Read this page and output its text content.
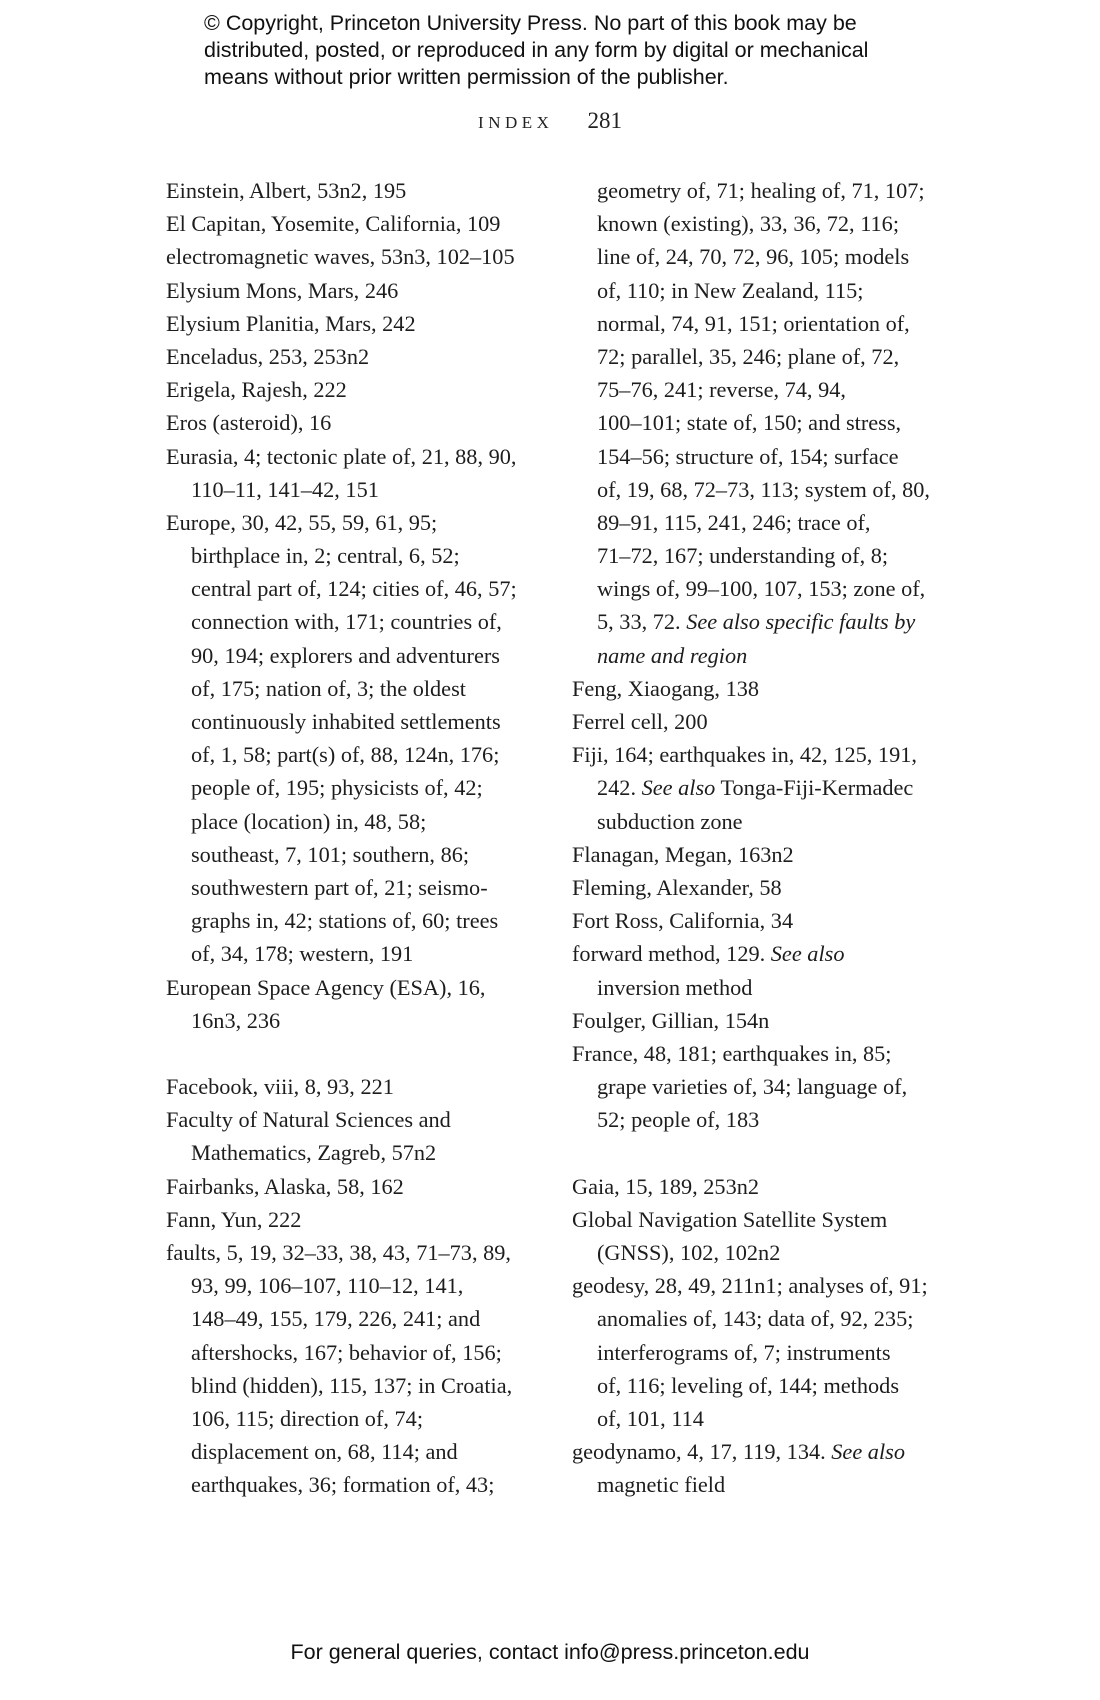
© Copyright, Princeton University Press. No part of this book may be
distributed, posted, or reproduced in any form by digital or mechanical
means without prior written permission of the publisher.
INDEX 281
Einstein, Albert, 53n2, 195
El Capitan, Yosemite, California, 109
electromagnetic waves, 53n3, 102–105
Elysium Mons, Mars, 246
Elysium Planitia, Mars, 242
Enceladus, 253, 253n2
Erigela, Rajesh, 222
Eros (asteroid), 16
Eurasia, 4; tectonic plate of, 21, 88, 90,
110–11, 141–42, 151
Europe, 30, 42, 55, 59, 61, 95;
birthplace in, 2; central, 6, 52;
central part of, 124; cities of, 46, 57;
connection with, 171; countries of,
90, 194; explorers and adventurers
of, 175; nation of, 3; the oldest
continuously inhabited settlements
of, 1, 58; part(s) of, 88, 124n, 176;
people of, 195; physicists of, 42;
place (location) in, 48, 58;
southeast, 7, 101; southern, 86;
southwestern part of, 21; seismo-
graphs in, 42; stations of, 60; trees
of, 34, 178; western, 191
European Space Agency (ESA), 16,
16n3, 236
Facebook, viii, 8, 93, 221
Faculty of Natural Sciences and
Mathematics, Zagreb, 57n2
Fairbanks, Alaska, 58, 162
Fann, Yun, 222
faults, 5, 19, 32–33, 38, 43, 71–73, 89,
93, 99, 106–107, 110–12, 141,
148–49, 155, 179, 226, 241; and
aftershocks, 167; behavior of, 156;
blind (hidden), 115, 137; in Croatia,
106, 115; direction of, 74;
displacement on, 68, 114; and
earthquakes, 36; formation of, 43;
geometry of, 71; healing of, 71, 107;
known (existing), 33, 36, 72, 116;
line of, 24, 70, 72, 96, 105; models
of, 110; in New Zealand, 115;
normal, 74, 91, 151; orientation of,
72; parallel, 35, 246; plane of, 72,
75–76, 241; reverse, 74, 94,
100–101; state of, 150; and stress,
154–56; structure of, 154; surface
of, 19, 68, 72–73, 113; system of, 80,
89–91, 115, 241, 246; trace of,
71–72, 167; understanding of, 8;
wings of, 99–100, 107, 153; zone of,
5, 33, 72. See also specific faults by
name and region
Feng, Xiaogang, 138
Ferrel cell, 200
Fiji, 164; earthquakes in, 42, 125, 191,
242. See also Tonga-Fiji-Kermadec
subduction zone
Flanagan, Megan, 163n2
Fleming, Alexander, 58
Fort Ross, California, 34
forward method, 129. See also
inversion method
Foulger, Gillian, 154n
France, 48, 181; earthquakes in, 85;
grape varieties of, 34; language of,
52; people of, 183
Gaia, 15, 189, 253n2
Global Navigation Satellite System
(GNSS), 102, 102n2
geodesy, 28, 49, 211n1; analyses of, 91;
anomalies of, 143; data of, 92, 235;
interferograms of, 7; instruments
of, 116; leveling of, 144; methods
of, 101, 114
geodynamo, 4, 17, 119, 134. See also
magnetic field
For general queries, contact info@press.princeton.edu
